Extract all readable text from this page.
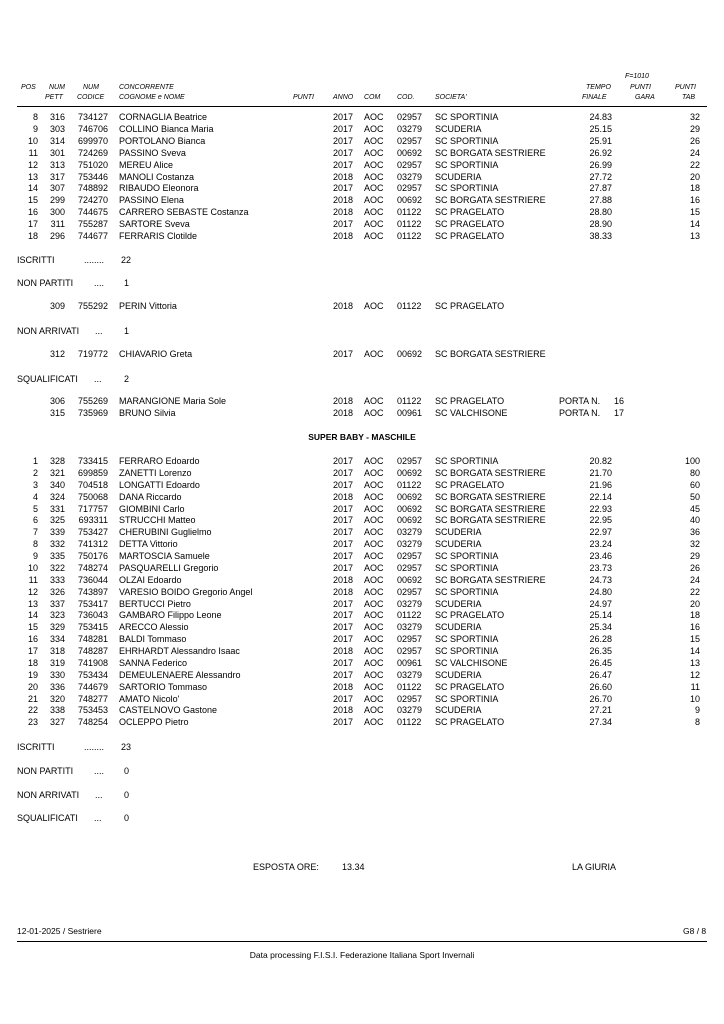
F=1010
POS NUM
PETT
NUM
CODICE
CONCORRENTE
COGNOME e NOME	PUNTI	ANNO COM COD.	SOCIETA'
TEMPO
FINALE
PUNTI
GARA
PUNTI
TAB
8 316 734127 CORNAGLIA Beatrice	2017 AOC 02957 SC SPORTINIA	24.83	32
9 303 746706 COLLINO Bianca Maria	2017 AOC 03279 SCUDERIA	25.15	29
10 314 699970 PORTOLANO Bianca	2017 AOC 02957 SC SPORTINIA	25.91	26
11 301 724269 PASSINO Sveva	2017 AOC 00692 SC BORGATA SESTRIERE	26.92	24
12 313 751020 MEREU Alice	2017 AOC 02957 SC SPORTINIA	26.99	22
13 317 753446 MANOLI Costanza	2018 AOC 03279 SCUDERIA	27.72	20
14 307 748892 RIBAUDO Eleonora	2017 AOC 02957 SC SPORTINIA	27.87	18
15 299 724270 PASSINO Elena	2018 AOC 00692 SC BORGATA SESTRIERE	27.88	16
16 300 744675 CARRERO SEBASTE Costanza	2018 AOC 01122 SC PRAGELATO	28.80	15
17 311 755287 SARTORE Sveva	2017 AOC 01122 SC PRAGELATO	28.90	14
18 296 744677 FERRARIS Clotilde	2018 AOC 01122 SC PRAGELATO	38.33	13
ISCRITTI	........ 22
NON PARTITI .... 1
309 755292 PERIN Vittoria	2018 AOC 01122 SC PRAGELATO
NON ARRIVATI ... 1
312 719772 CHIAVARIO Greta	2017 AOC 00692 SC BORGATA SESTRIERE
SQUALIFICATI ... 2
306 755269 MARANGIONE Maria Sole	2018 AOC 01122 SC PRAGELATO	PORTA N. 16
315 735969 BRUNO Silvia	2018 AOC 00961 SC VALCHISONE	PORTA N. 17
SUPER BABY - MASCHILE
1 328 733415 FERRARO Edoardo	2017 AOC 02957 SC SPORTINIA	20.82	100
2 321 699859 ZANETTI Lorenzo	2017 AOC 00692 SC BORGATA SESTRIERE	21.70	80
3 340 704518 LONGATTI Edoardo	2017 AOC 01122 SC PRAGELATO	21.96	60
4 324 750068 DANA Riccardo	2018 AOC 00692 SC BORGATA SESTRIERE	22.14	50
5 331 717757 GIOMBINI Carlo	2017 AOC 00692 SC BORGATA SESTRIERE	22.93	45
6 325 693311 STRUCCHI Matteo	2017 AOC 00692 SC BORGATA SESTRIERE	22.95	40
7 339 753427 CHERUBINI Guglielmo	2017 AOC 03279 SCUDERIA	22.97	36
8 332 741312 DETTA Vittorio	2017 AOC 03279 SCUDERIA	23.24	32
9 335 750176 MARTOSCIA Samuele	2017 AOC 02957 SC SPORTINIA	23.46	29
10 322 748274 PASQUARELLI Gregorio	2017 AOC 02957 SC SPORTINIA	23.73	26
11 333 736044 OLZAI Edoardo	2018 AOC 00692 SC BORGATA SESTRIERE	24.73	24
12 326 743897 VARESIO BOIDO Gregorio Angel	2018 AOC 02957 SC SPORTINIA	24.80	22
13 337 753417 BERTUCCI Pietro	2017 AOC 03279 SCUDERIA	24.97	20
14 323 736043 GAMBARO Filippo Leone	2017 AOC 01122 SC PRAGELATO	25.14	18
15 329 753415 ARECCO Alessio	2017 AOC 03279 SCUDERIA	25.34	16
16 334 748281 BALDI Tommaso	2017 AOC 02957 SC SPORTINIA	26.28	15
17 318 748287 EHRHARDT Alessandro Isaac	2018 AOC 02957 SC SPORTINIA	26.35	14
18 319 741908 SANNA Federico	2017 AOC 00961 SC VALCHISONE	26.45	13
19 330 753434 DEMEULENAERE Alessandro	2017 AOC 03279 SCUDERIA	26.47	12
20 336 744679 SARTORIO Tommaso	2018 AOC 01122 SC PRAGELATO	26.60	11
21 320 748277 AMATO Nicolo'	2017 AOC 02957 SC SPORTINIA	26.70	10
22 338 753453 CASTELNOVO Gastone	2018 AOC 03279 SCUDERIA	27.21	9
23 327 748254 OCLEPPO Pietro	2017 AOC 01122 SC PRAGELATO	27.34	8
ISCRITTI	........ 23
NON PARTITI .... 0
NON ARRIVATI ... 0
SQUALIFICATI ... 0
ESPOSTA ORE:	13.34	LA GIURIA
12-01-2025 / Sestriere	G8 / 8
Data processing F.I.S.I. Federazione Italiana Sport Invernali
